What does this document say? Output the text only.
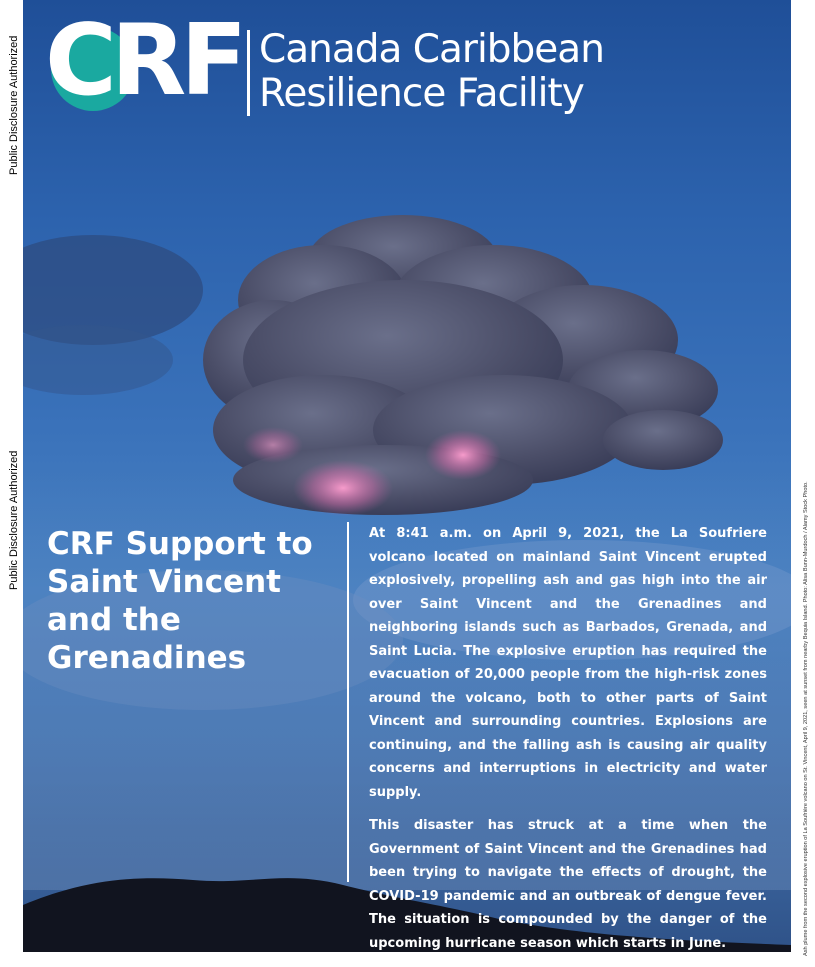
Public Disclosure Authorized
Public Disclosure Authorized
CRF Canada Caribbean
Resilience Facility
CRF Support to Saint Vincent and the Grenadines

At 8:41 a.m. on April 9, 2021, the La Soufriere volcano located on mainland Saint Vincent erupted explosively, propelling ash and gas high into the air over Saint Vincent and the Grenadines and neighboring islands such as Barbados, Grenada, and Saint Lucia. The explosive eruption has required the evacuation of 20,000 people from the high-risk zones around the volcano, both to other parts of Saint Vincent and surrounding countries. Explosions are continuing, and the falling ash is causing air quality concerns and interruptions in electricity and water supply.

This disaster has struck at a time when the Government of Saint Vincent and the Grenadines had been trying to navigate the effects of drought, the COVID-19 pandemic and an outbreak of dengue fever. The situation is compounded by the danger of the upcoming hurricane season which starts in June.	Ash plume from the second explosive eruption of La Soufrière volcano on St. Vincent, April 9, 2021, seen at sunset from nearby Bequia Island. Photo: Alisa Bunn-Murdoch / Alamy Stock Photo.
